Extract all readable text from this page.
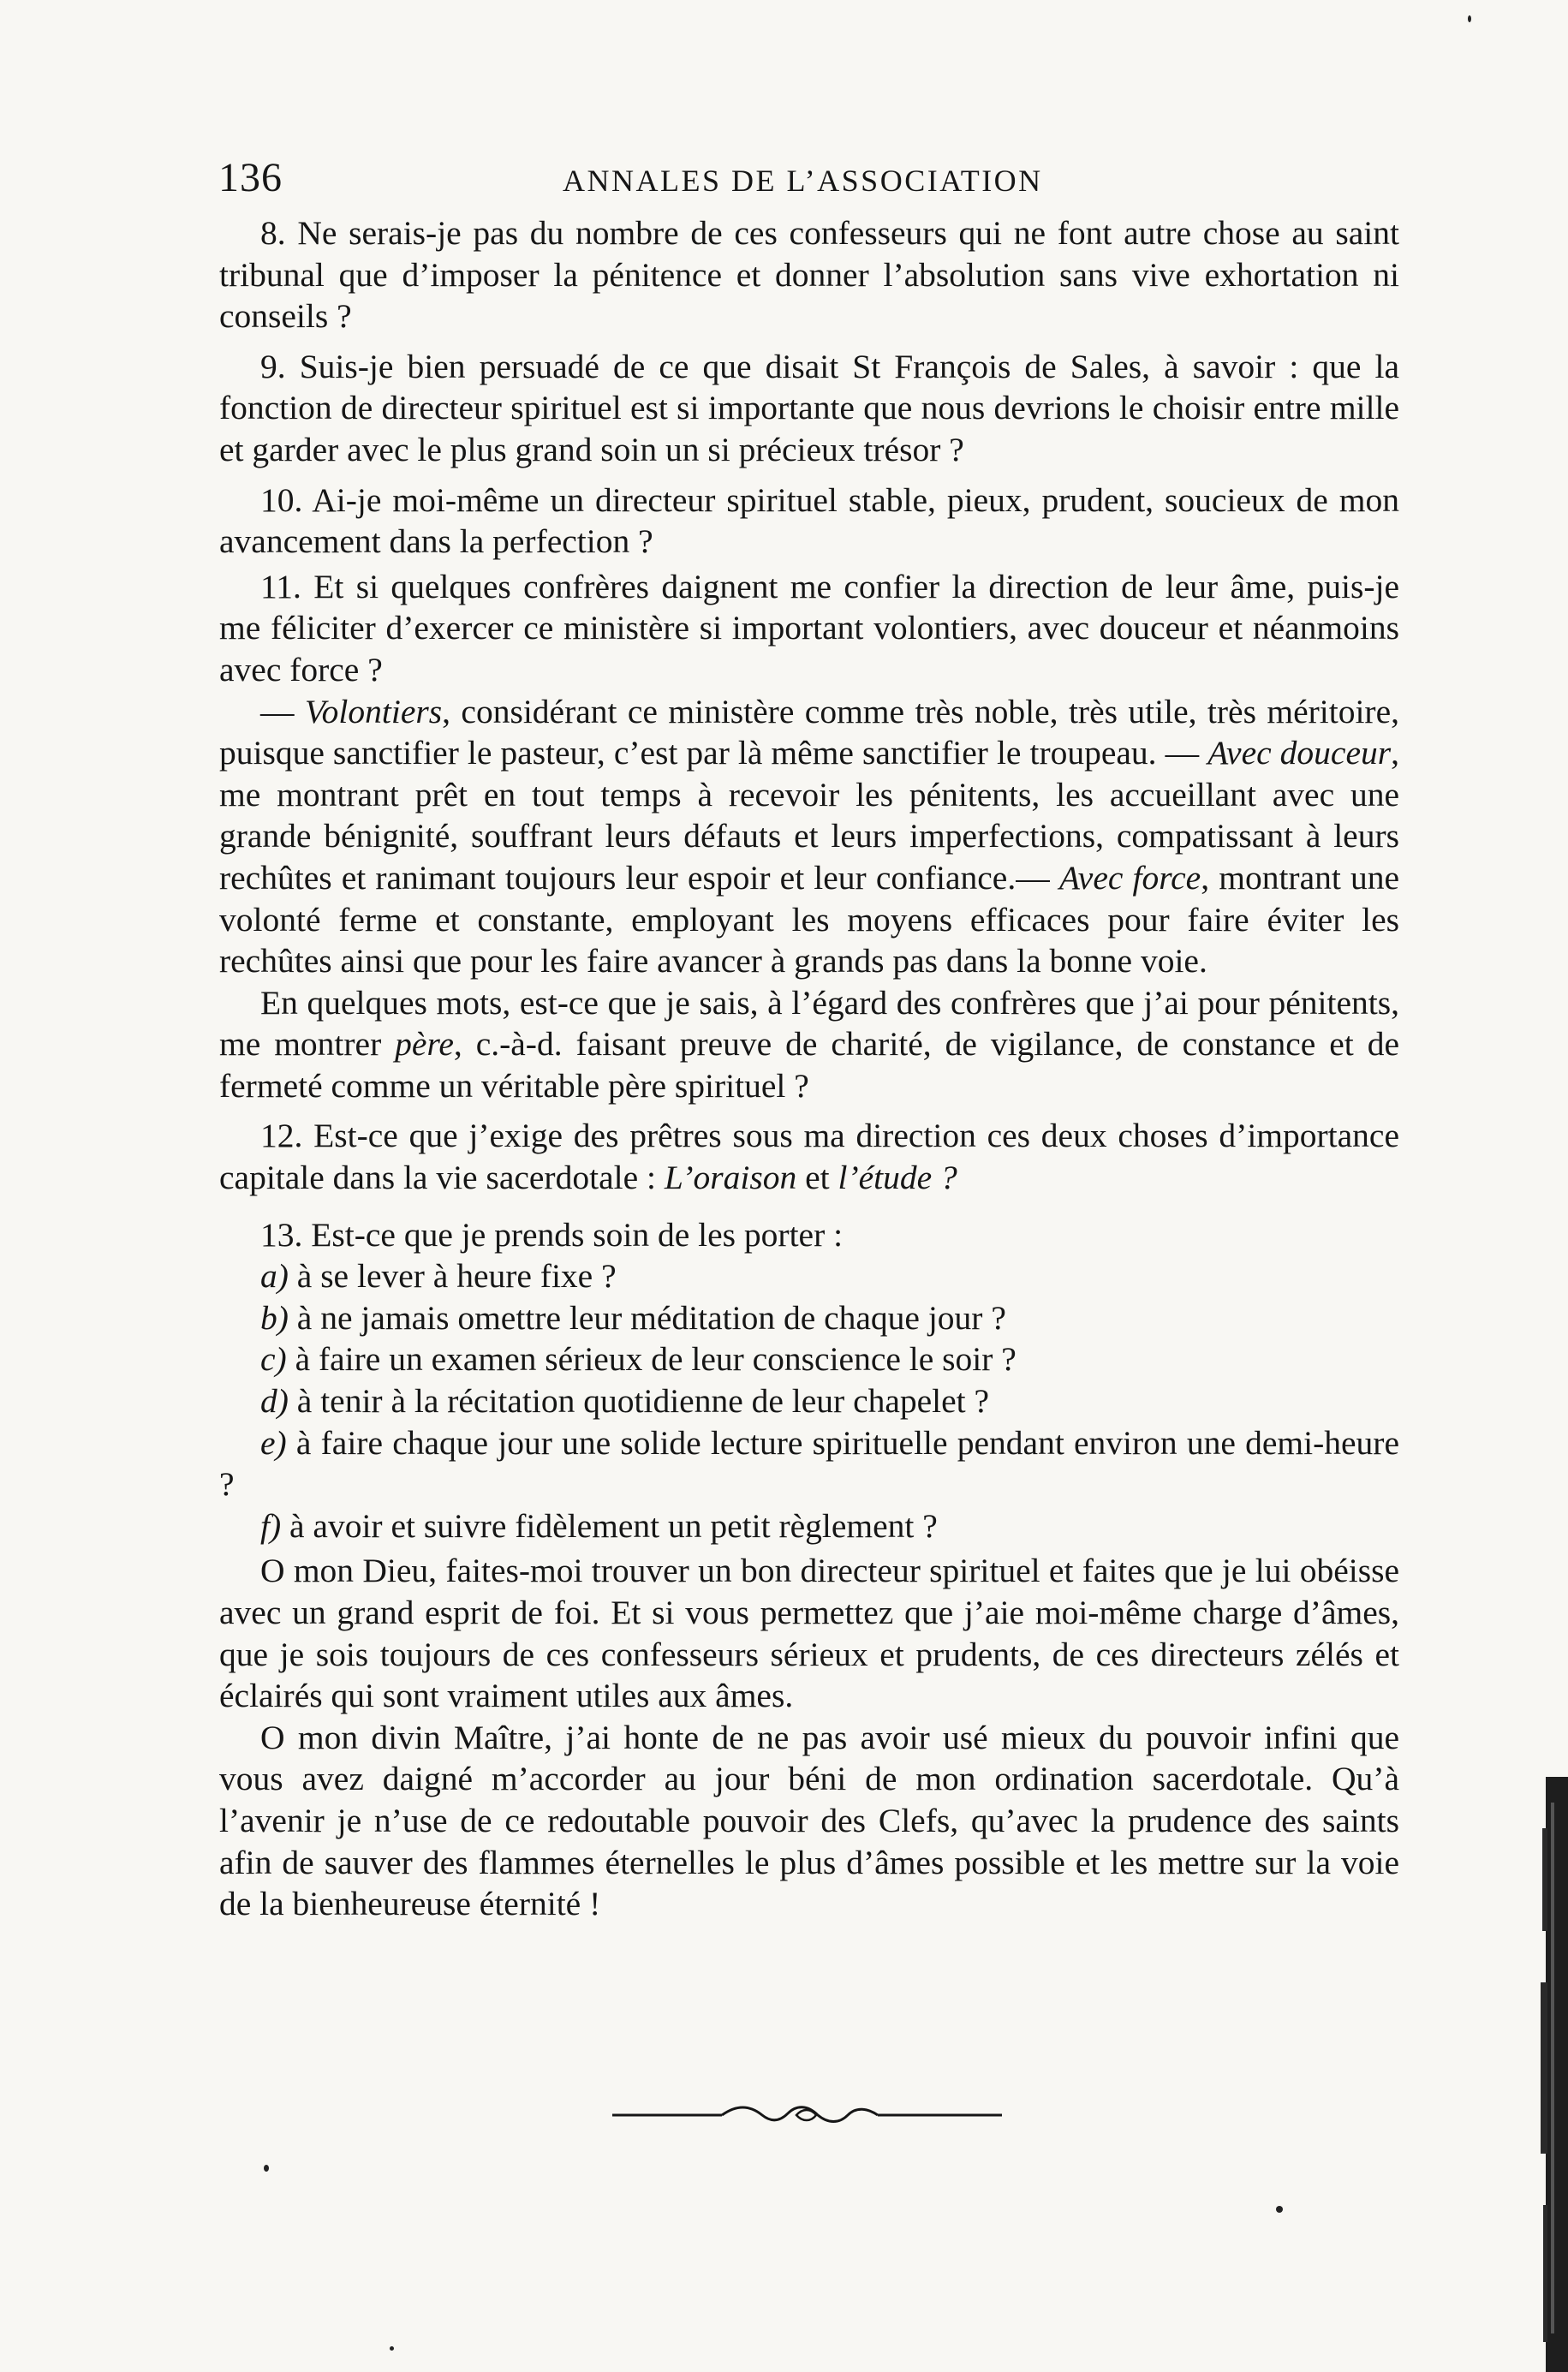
136	ANNALES DE L’ASSOCIATION

8. Ne serais-je pas du nombre de ces confesseurs qui ne font autre chose au saint tribunal que d’imposer la pénitence et donner l’absolution sans vive exhortation ni conseils ?

9. Suis-je bien persuadé de ce que disait St François de Sales, à savoir : que la fonction de directeur spirituel est si importante que nous devrions le choisir entre mille et garder avec le plus grand soin un si précieux trésor ?

10. Ai-je moi-même un directeur spirituel stable, pieux, prudent, soucieux de mon avancement dans la perfection ?

11. Et si quelques confrères daignent me confier la direction de leur âme, puis-je me féliciter d’exercer ce ministère si important volontiers, avec douceur et néanmoins avec force ?

— Volontiers, considérant ce ministère comme très noble, très utile, très méritoire, puisque sanctifier le pasteur, c’est par là même sanctifier le troupeau. — Avec douceur, me montrant prêt en tout temps à recevoir les pénitents, les accueillant avec une grande bénignité, souffrant leurs défauts et leurs imperfections, compatissant à leurs rechûtes et ranimant toujours leur espoir et leur confiance.— Avec force, montrant une volonté ferme et constante, employant les moyens efficaces pour faire éviter les rechûtes ainsi que pour les faire avancer à grands pas dans la bonne voie.

En quelques mots, est-ce que je sais, à l’égard des confrères que j’ai pour pénitents, me montrer père, c.-à-d. faisant preuve de charité, de vigilance, de constance et de fermeté comme un véritable père spirituel ?

12. Est-ce que j’exige des prêtres sous ma direction ces deux choses d’importance capitale dans la vie sacerdotale : L’oraison et l’étude ?

13. Est-ce que je prends soin de les porter :

a) à se lever à heure fixe ?

b) à ne jamais omettre leur méditation de chaque jour ?

c) à faire un examen sérieux de leur conscience le soir ?

d) à tenir à la récitation quotidienne de leur chapelet ?

e) à faire chaque jour une solide lecture spirituelle pendant environ une demi-heure ?

f) à avoir et suivre fidèlement un petit règlement ?

O mon Dieu, faites-moi trouver un bon directeur spirituel et faites que je lui obéisse avec un grand esprit de foi. Et si vous permettez que j’aie moi-même charge d’âmes, que je sois toujours de ces confesseurs sérieux et prudents, de ces directeurs zélés et éclairés qui sont vraiment utiles aux âmes.

O mon divin Maître, j’ai honte de ne pas avoir usé mieux du pouvoir infini que vous avez daigné m’accorder au jour béni de mon ordination sacerdotale. Qu’à l’avenir je n’use de ce redoutable pouvoir des Clefs, qu’avec la prudence des saints afin de sauver des flammes éternelles le plus d’âmes possible et les mettre sur la voie de la bienheureuse éternité !
